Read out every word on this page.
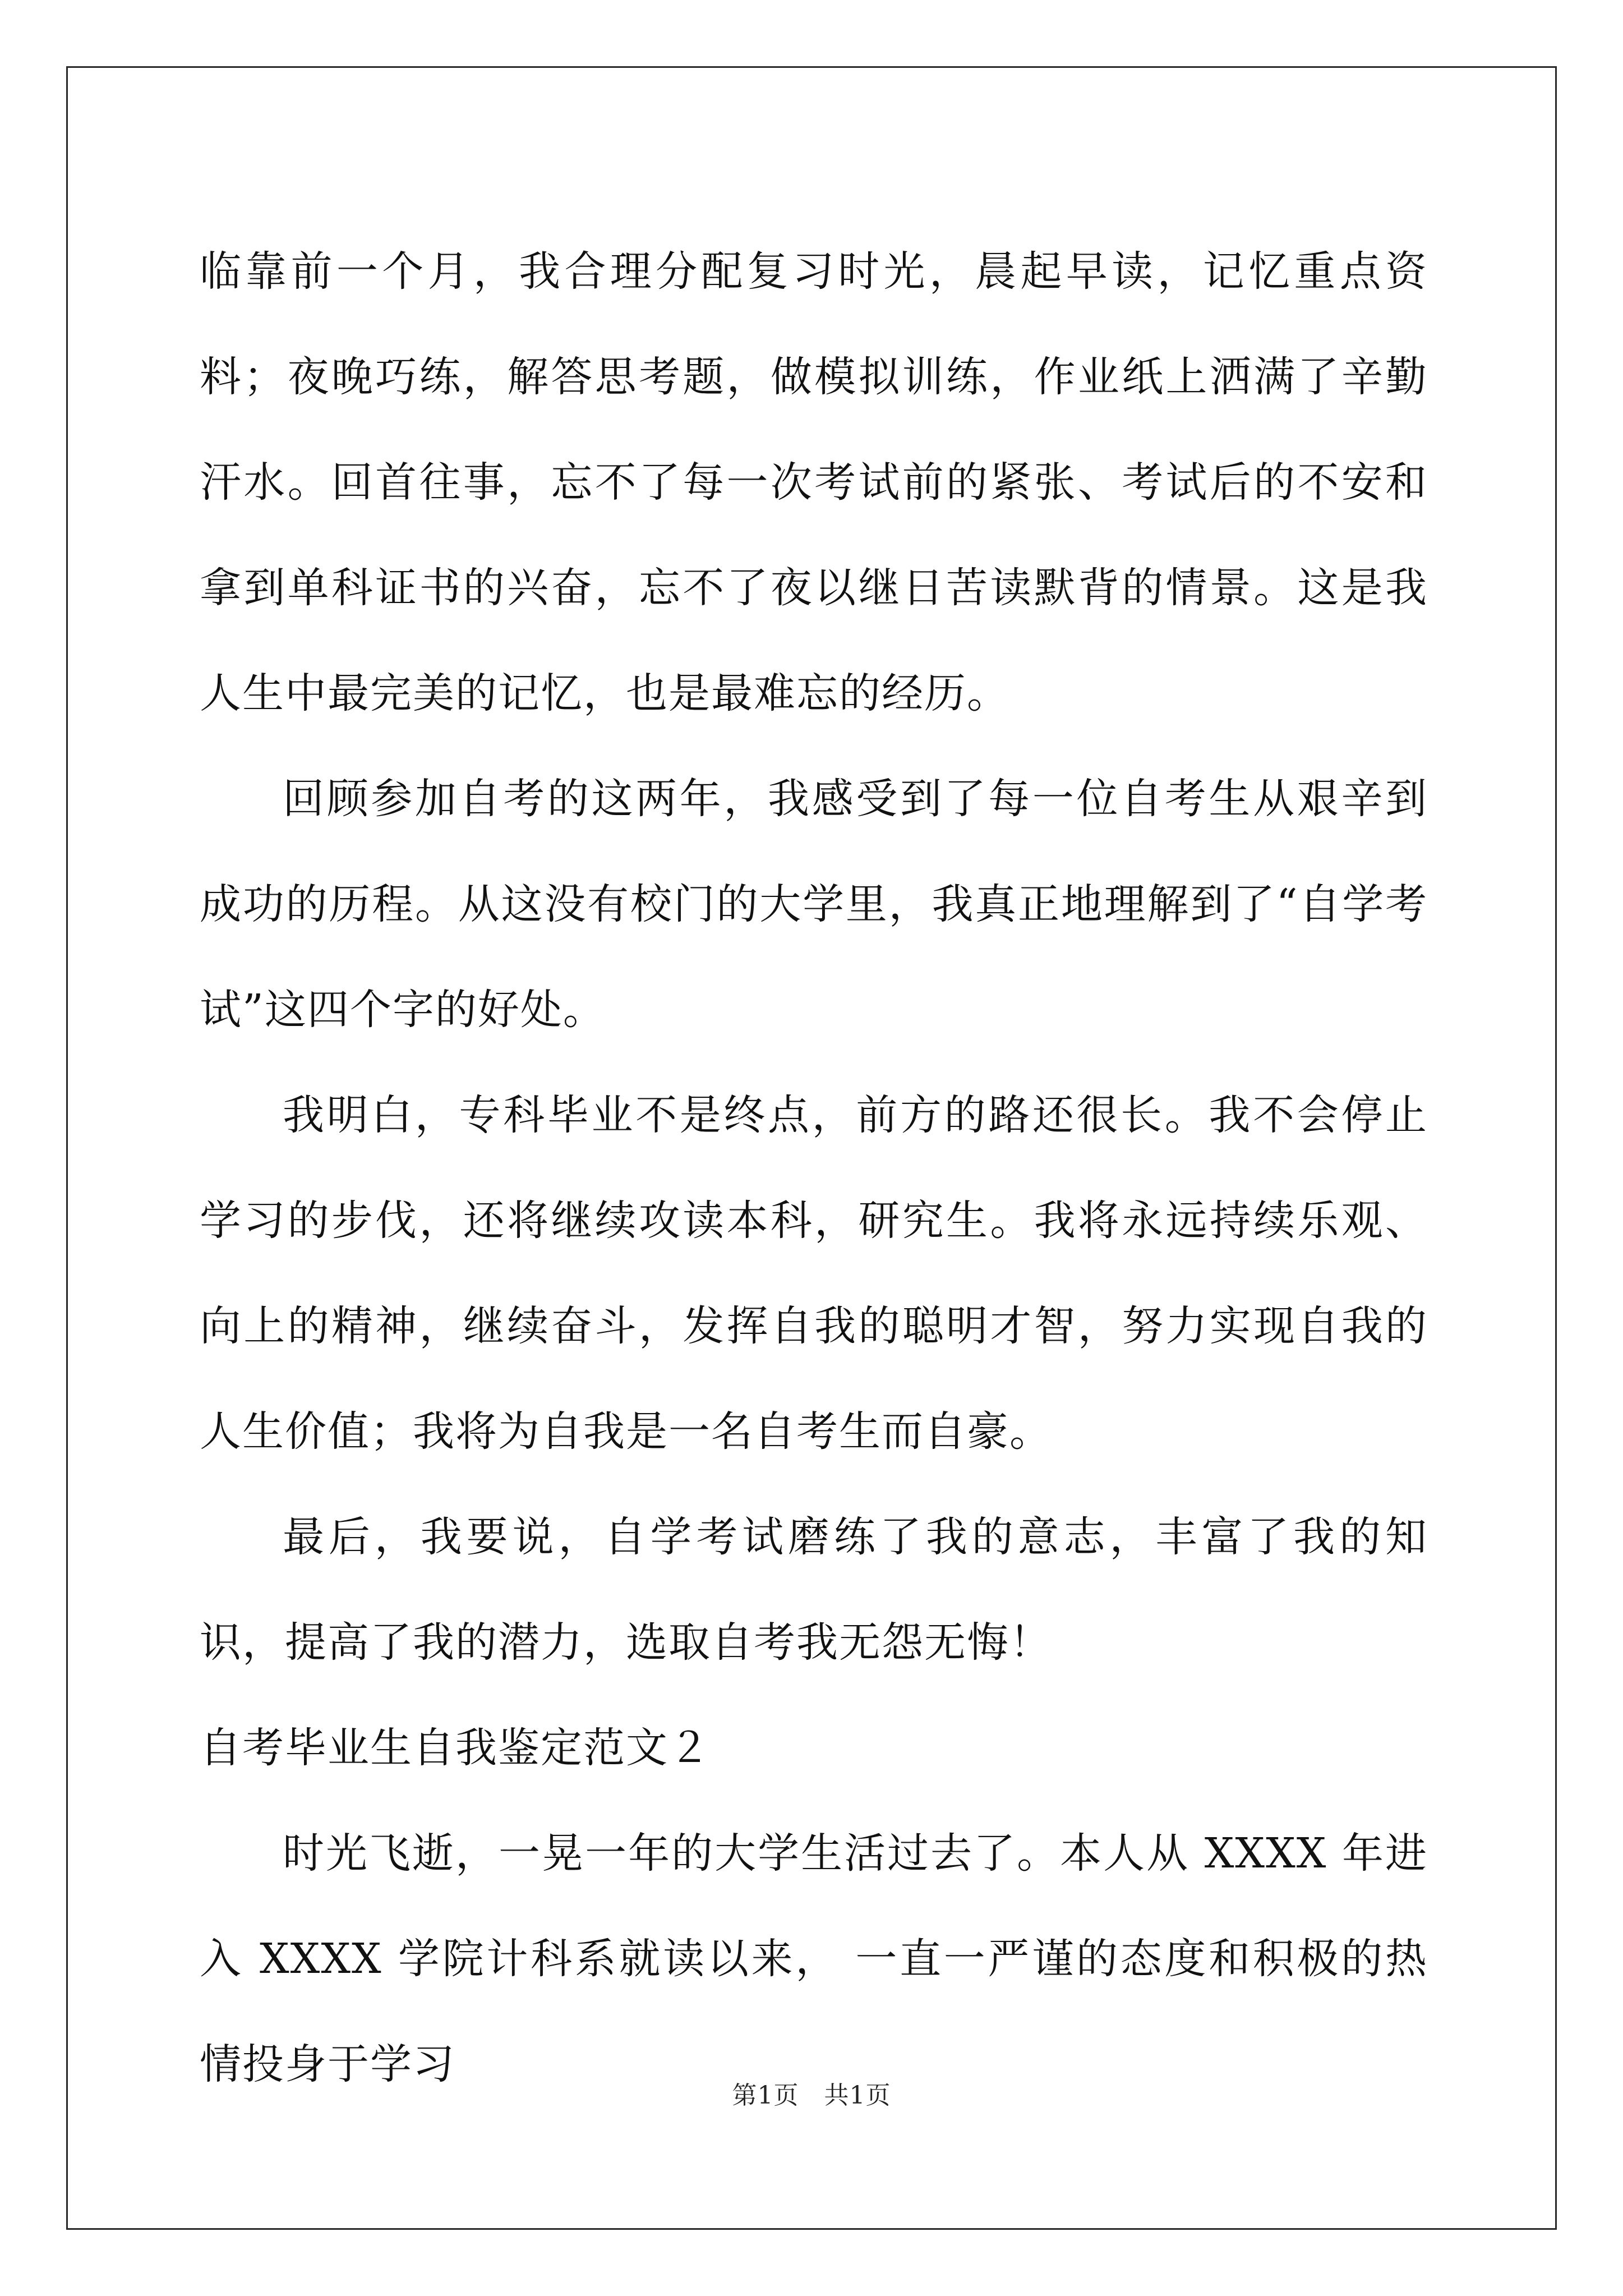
临靠前一个月，我合理分配复习时光，晨起早读，记忆重点资料；夜晚巧练，解答思考题，做模拟训练，作业纸上洒满了辛勤汗水。回首往事，忘不了每一次考试前的紧张、考试后的不安和拿到单科证书的兴奋，忘不了夜以继日苦读默背的情景。这是我人生中最完美的记忆，也是最难忘的经历。

回顾参加自考的这两年，我感受到了每一位自考生从艰辛到成功的历程。从这没有校门的大学里，我真正地理解到了“自学考试”这四个字的好处。

我明白，专科毕业不是终点，前方的路还很长。我不会停止学习的步伐，还将继续攻读本科，研究生。我将永远持续乐观、向上的精神，继续奋斗，发挥自我的聪明才智，努力实现自我的人生价值；我将为自我是一名自考生而自豪。

最后，我要说，自学考试磨练了我的意志，丰富了我的知识，提高了我的潜力，选取自考我无怨无悔！

自考毕业生自我鉴定范文２

时光飞逝，一晃一年的大学生活过去了。本人从 XXXX 年进入 XXXX 学院计科系就读以来， 一直一严谨的态度和积极的热情投身于学习

第1页　共1页
